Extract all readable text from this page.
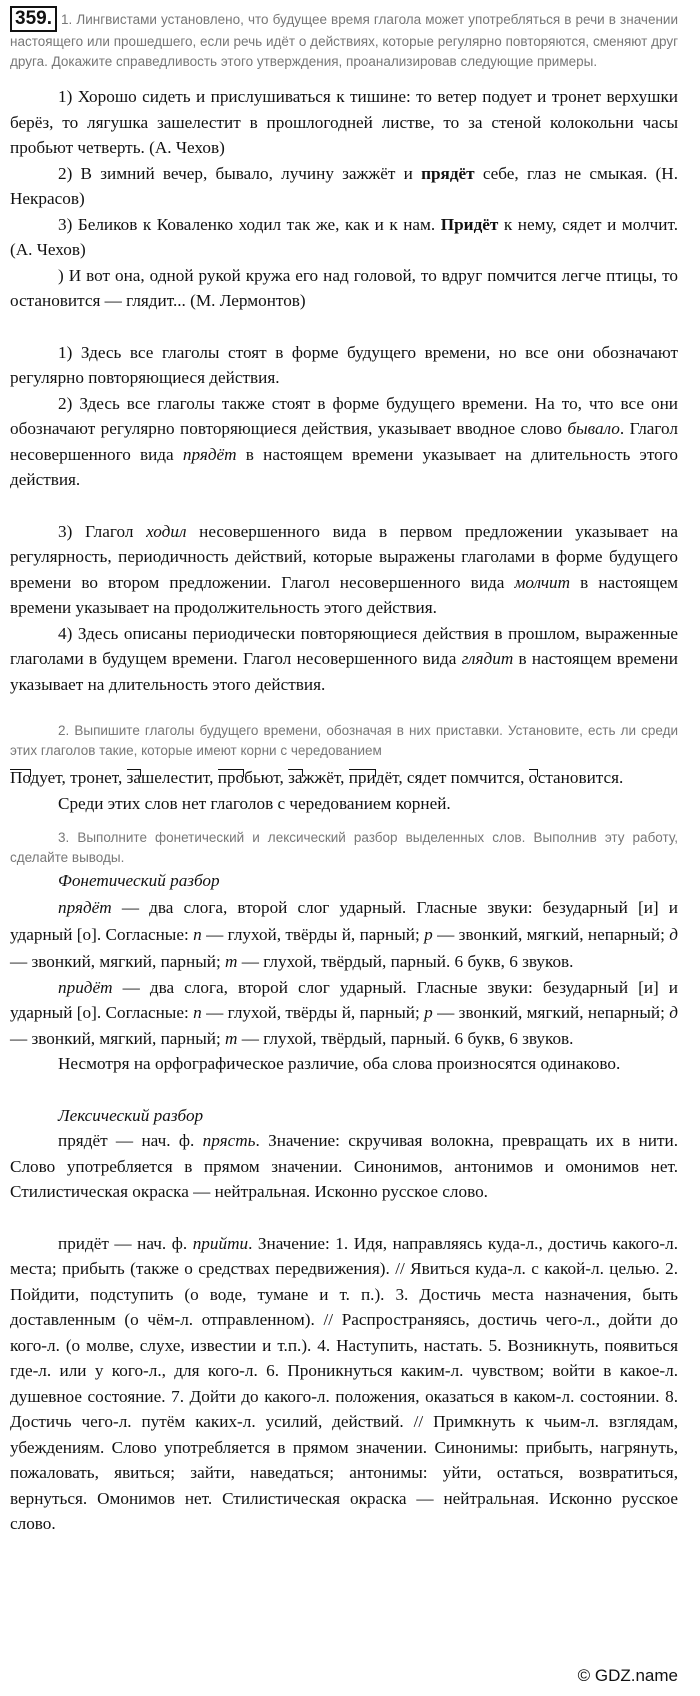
359. 1. Лингвистами установлено, что будущее время глагола может употребляться в речи в значении настоящего или прошедшего, если речь идёт о действиях, которые регулярно повторяются, сменяют друг друга. Докажите справедливость этого утверждения, проанализировав следующие примеры.

1) Хорошо сидеть и прислушиваться к тишине: то ветер подует и тронет верхушки берёз, то лягушка зашелестит в прошлогодней листве, то за стеной колокольни часы пробьют четверть. (А. Чехов)

2) В зимний вечер, бывало, лучину зажжёт и прядёт себе, глаз не смыкая. (Н. Некрасов)

3) Беликов к Коваленко ходил так же, как и к нам. Придёт к нему, сядет и молчит. (А. Чехов)

) И вот она, одной рукой кружа его над головой, то вдруг помчится легче птицы, то остановится — глядит... (М. Лермонтов)

1) Здесь все глаголы стоят в форме будущего времени, но все они обозначают регулярно повторяющиеся действия.

2) Здесь все глаголы также стоят в форме будущего времени. На то, что все они обозначают регулярно повторяющиеся действия, указывает вводное слово бывало. Глагол несовершенного вида прядёт в настоящем времени указывает на длительность этого действия.

3) Глагол ходил несовершенного вида в первом предложении указывает на регулярность, периодичность действий, которые выражены глаголами в форме будущего времени во втором предложении. Глагол несовершенного вида молчит в настоящем времени указывает на продолжительность этого действия.

4) Здесь описаны периодически повторяющиеся действия в прошлом, выраженные глаголами в будущем времени. Глагол несовершенного вида глядит в настоящем времени указывает на длительность этого действия.

2. Выпишите глаголы будущего времени, обозначая в них приставки. Установите, есть ли среди этих глаголов такие, которые имеют корни с чередованием

Подует, тронет, зашелестит, пробьют, зажжёт, придёт, сядет помчится, остановится.

Среди этих слов нет глаголов с чередованием корней.

3. Выполните фонетический и лексический разбор выделенных слов. Выполнив эту работу, сделайте выводы.

Фонетический разбор

прядёт — два слога, второй слог ударный. Гласные звуки: безударный [и] и ударный [о]. Согласные: п — глухой, твёрды й, парный; р — звонкий, мягкий, непарный; д — звонкий, мягкий, парный; т — глухой, твёрдый, парный. 6 букв, 6 звуков.

придёт — два слога, второй слог ударный. Гласные звуки: безударный [и] и ударный [о]. Согласные: п — глухой, твёрды й, парный; р — звонкий, мягкий, непарный; д — звонкий, мягкий, парный; т — глухой, твёрдый, парный. 6 букв, 6 звуков.

Несмотря на орфографическое различие, оба слова произносятся одинаково.

Лексический разбор

прядёт — нач. ф. прясть. Значение: скручивая волокна, превращать их в нити. Слово употребляется в прямом значении. Синонимов, антонимов и омонимов нет. Стилистическая окраска — нейтральная. Исконно русское слово.

придёт — нач. ф. прийти. Значение: 1. Идя, направляясь куда-л., достичь какого-л. места; прибыть (также о средствах передвижения). // Явиться куда-л. с какой-л. целью. 2. Пойдити, подступить (о воде, тумане и т. п.). 3. Достичь места назначения, быть доставленным (о чём-л. отправленном). // Распространяясь, достичь чего-л., дойти до кого-л. (о молве, слухе, известии и т.п.). 4. Наступить, настать. 5. Возникнуть, появиться где-л. или у кого-л., для кого-л. 6. Проникнуться каким-л. чувством; войти в какое-л. душевное состояние. 7. Дойти до какого-л. положения, оказаться в каком-л. состоянии. 8. Достичь чего-л. путём каких-л. усилий, действий. // Примкнуть к чьим-л. взглядам, убеждениям. Слово употребляется в прямом значении. Синонимы: прибыть, нагрянуть, пожаловать, явиться; зайти, наведаться; антонимы: уйти, остаться, возвратиться, вернуться. Омонимов нет. Стилистическая окраска — нейтральная. Исконно русское слово.

© GDZ.name
